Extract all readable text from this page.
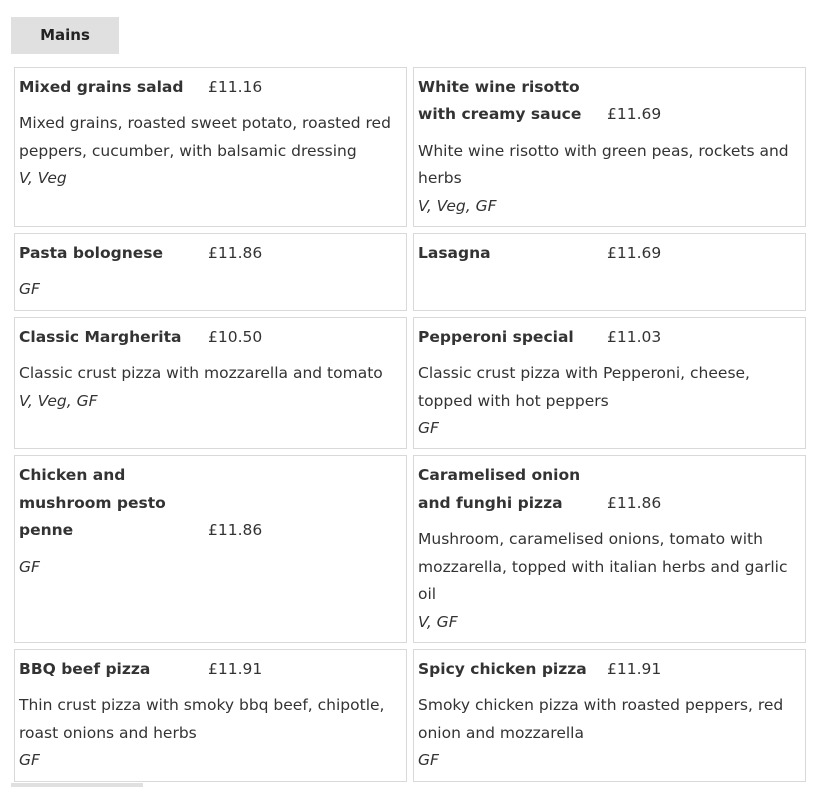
Mains
Mixed grains salad	£11.16
Mixed grains, roasted sweet potato, roasted red peppers, cucumber, with balsamic dressing
V, Veg
White wine risotto with creamy sauce	£11.69
White wine risotto with green peas, rockets and herbs
V, Veg, GF
Pasta bolognese	£11.86
GF
Lasagna	£11.69
Classic Margherita	£10.50
Classic crust pizza with mozzarella and tomato
V, Veg, GF
Pepperoni special	£11.03
Classic crust pizza with Pepperoni, cheese, topped with hot peppers
GF
Chicken and mushroom pesto penne	£11.86
GF
Caramelised onion and funghi pizza	£11.86
Mushroom, caramelised onions, tomato with mozzarella, topped with italian herbs and garlic oil
V, GF
BBQ beef pizza	£11.91
Thin crust pizza with smoky bbq beef, chipotle, roast onions and herbs
GF
Spicy chicken pizza	£11.91
Smoky chicken pizza with roasted peppers, red onion and mozzarella
GF
